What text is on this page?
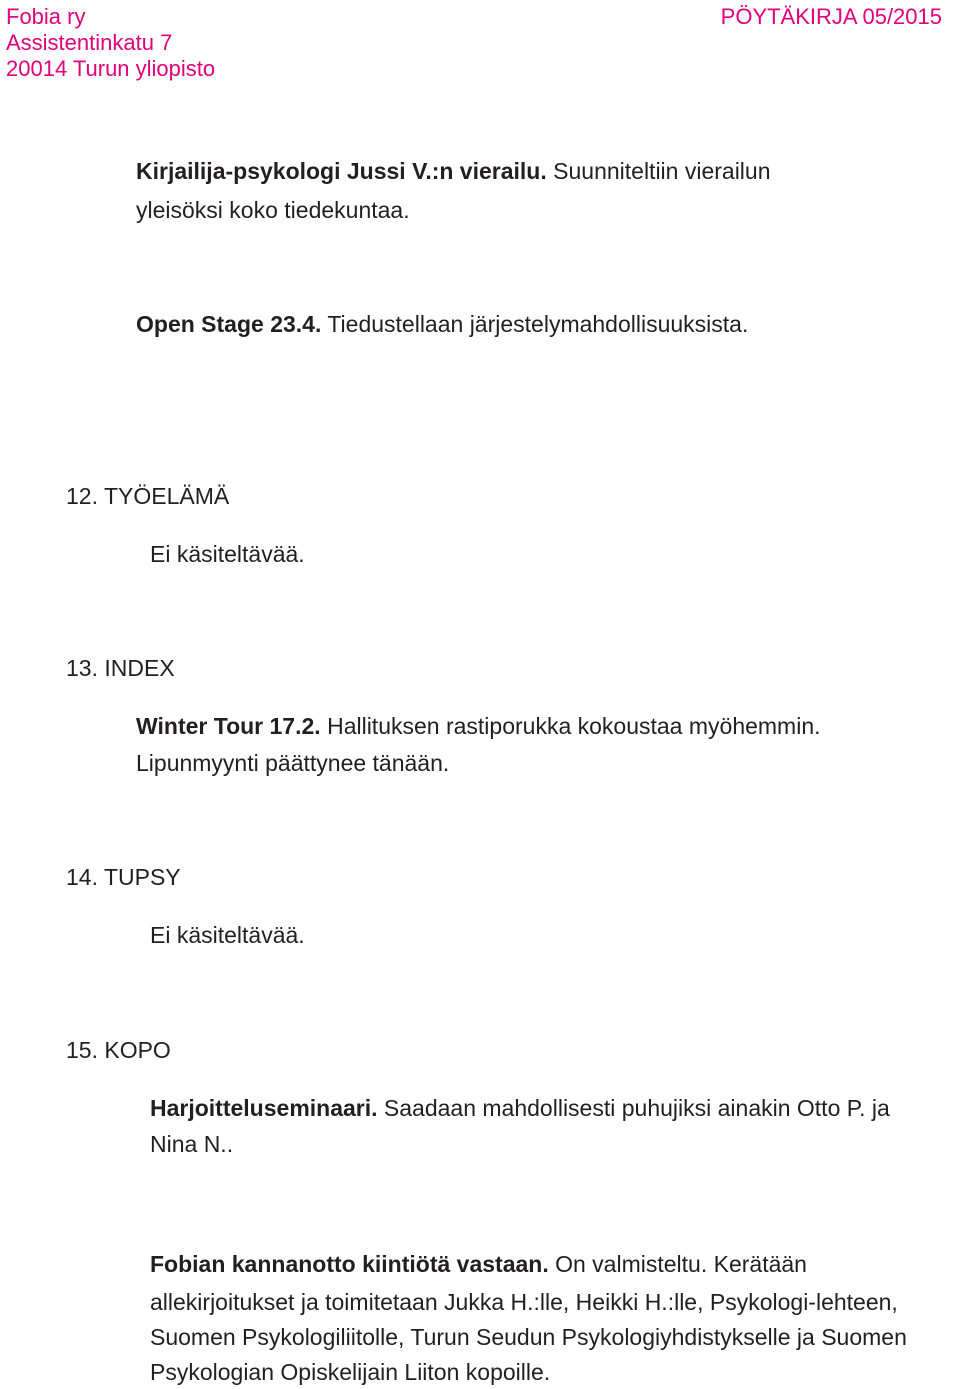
Fobia ry
Assistentinkatu 7
20014 Turun yliopisto
PÖYTÄKIRJA 05/2015
Kirjailija-psykologi Jussi V.:n vierailu. Suunniteltiin vierailun
yleisöksi koko tiedekuntaa.
Open Stage 23.4. Tiedustellaan järjestelymahdollisuuksista.
12. TYÖELÄMÄ
Ei käsiteltävää.
13. INDEX
Winter Tour 17.2. Hallituksen rastiporukka kokoustaa myöhemmin.
Lipunmyynti päättynee tänään.
14. TUPSY
Ei käsiteltävää.
15. KOPO
Harjoitteluseminaari. Saadaan mahdollisesti puhujiksi ainakin Otto P. ja
Nina N..
Fobian kannanotto kiintiötä vastaan. On valmisteltu. Kerätään
allekirjoitukset ja toimitetaan Jukka H.:lle, Heikki H.:lle, Psykologi-lehteen,
Suomen Psykologiliitolle, Turun Seudun Psykologiyhdistykselle ja Suomen
Psykologian Opiskelijain Liiton kopoille.
